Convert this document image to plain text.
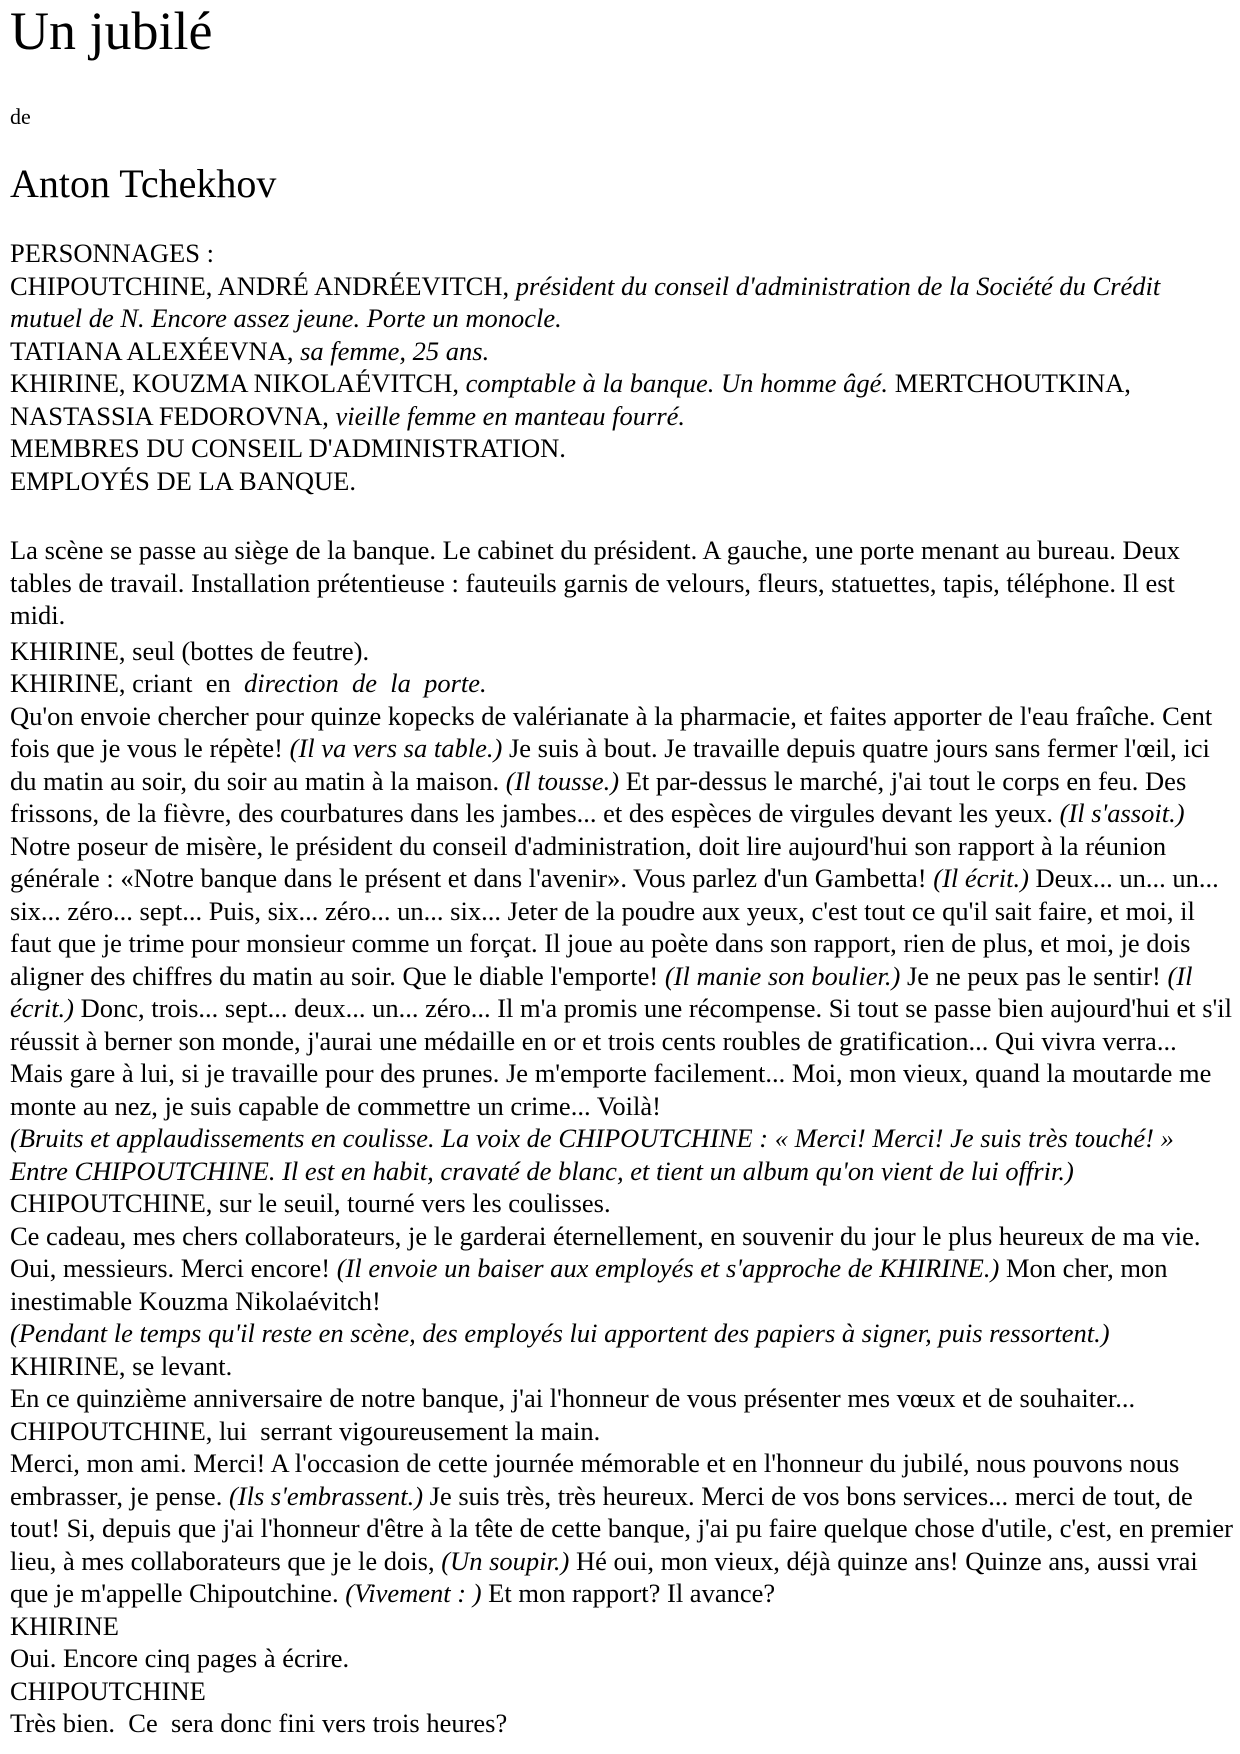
Un jubilé

de

Anton Tchekhov

PERSONNAGES :
CHIPOUTCHINE, ANDRÉ ANDRÉEVITCH, président du conseil d'administration de la Société du Crédit mutuel de N. Encore assez jeune. Porte un monocle.
TATIANA ALEXÉEVNA, sa femme, 25 ans.
KHIRINE, KOUZMA NIKOLAÉVITCH, comptable à la banque. Un homme âgé. MERTCHOUTKINA, NASTASSIA FEDOROVNA, vieille femme en manteau fourré.
MEMBRES DU CONSEIL D'ADMINISTRATION.
EMPLOYÉS DE LA BANQUE.

La scène se passe au siège de la banque. Le cabinet du président. A gauche, une porte menant au bureau. Deux tables de travail. Installation prétentieuse : fauteuils garnis de velours, fleurs, statuettes, tapis, téléphone. Il est midi.

KHIRINE, seul (bottes de feutre).

KHIRINE, criant  en  direction  de  la  porte.

Qu'on envoie chercher pour quinze kopecks de valérianate à la pharmacie, et faites apporter de l'eau fraîche. Cent fois que je vous le répète! (Il va vers sa table.) Je suis à bout. Je travaille depuis quatre jours sans fermer l'œil, ici du matin au soir, du soir au matin à la maison. (Il tousse.) Et par-dessus le marché, j'ai tout le corps en feu. Des frissons, de la fièvre, des courbatures dans les jambes... et des espèces de virgules devant les yeux. (Il s'assoit.) Notre poseur de misère, le président du conseil d'administration, doit lire aujourd'hui son rapport à la réunion générale : «Notre banque dans le présent et dans l'avenir». Vous parlez d'un Gambetta! (Il écrit.) Deux... un... un... six... zéro... sept... Puis, six... zéro... un... six... Jeter de la poudre aux yeux, c'est tout ce qu'il sait faire, et moi, il faut que je trime pour monsieur comme un forçat. Il joue au poète dans son rapport, rien de plus, et moi, je dois aligner des chiffres du matin au soir. Que le diable l'emporte! (Il manie son boulier.) Je ne peux pas le sentir! (Il écrit.) Donc, trois... sept... deux... un... zéro... Il m'a promis une récompense. Si tout se passe bien aujourd'hui et s'il réussit à berner son monde, j'aurai une médaille en or et trois cents roubles de gratification... Qui vivra verra... Mais gare à lui, si je travaille pour des prunes. Je m'emporte facilement... Moi, mon vieux, quand la moutarde me monte au nez, je suis capable de commettre un crime... Voilà!

(Bruits et applaudissements en coulisse. La voix de CHIPOUTCHINE : « Merci! Merci! Je suis très touché! » Entre CHIPOUTCHINE. Il est en habit, cravaté de blanc, et tient un album qu'on vient de lui offrir.)

CHIPOUTCHINE, sur le seuil, tourné vers les coulisses.

Ce cadeau, mes chers collaborateurs, je le garderai éternellement, en souvenir du jour le plus heureux de ma vie. Oui, messieurs. Merci encore! (Il envoie un baiser aux employés et s'approche de KHIRINE.) Mon cher, mon inestimable Kouzma Nikolaévitch!

(Pendant le temps qu'il reste en scène, des employés lui apportent des papiers à signer, puis ressortent.)

KHIRINE, se levant.

En ce quinzième anniversaire de notre banque, j'ai l'honneur de vous présenter mes vœux et de souhaiter...

CHIPOUTCHINE, lui  serrant vigoureusement la main.

Merci, mon ami. Merci! A l'occasion de cette journée mémorable et en l'honneur du jubilé, nous pouvons nous embrasser, je pense. (Ils s'embrassent.) Je suis très, très heureux. Merci de vos bons services... merci de tout, de tout! Si, depuis que j'ai l'honneur d'être à la tête de cette banque, j'ai pu faire quelque chose d'utile, c'est, en premier lieu, à mes collaborateurs que je le dois, (Un soupir.) Hé oui, mon vieux, déjà quinze ans! Quinze ans, aussi vrai que je m'appelle Chipoutchine. (Vivement : ) Et mon rapport? Il avance?

KHIRINE

Oui. Encore cinq pages à écrire.

CHIPOUTCHINE

Très bien.  Ce  sera donc fini vers trois heures?
